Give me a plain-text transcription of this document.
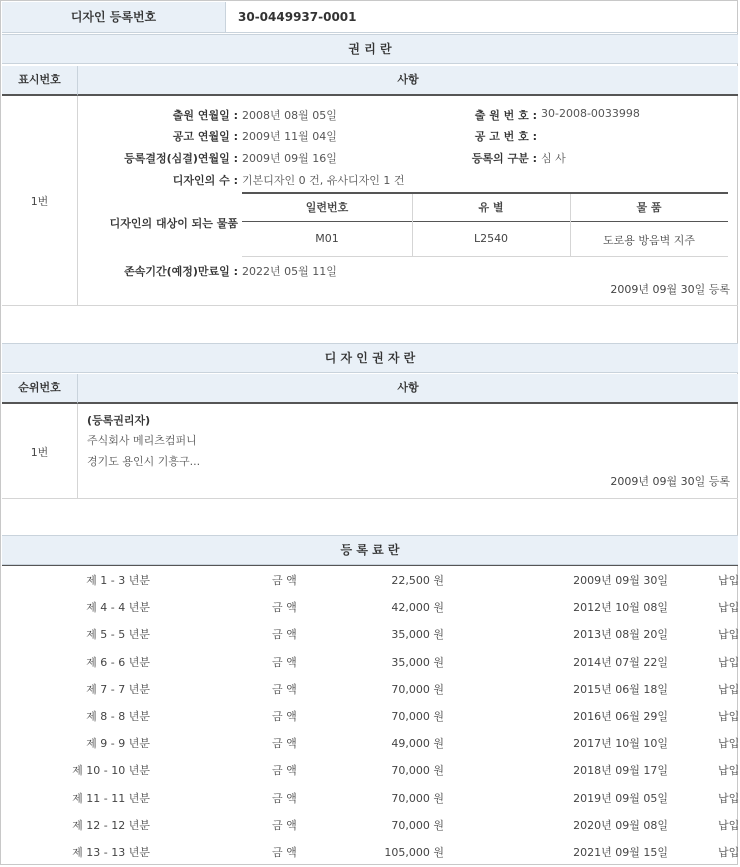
디자인 등록번호	30-0449937-0001
권 리 란
표시번호	사항
1번
출원 연월일 : 2008년 08월 05일	출 원 번 호 : 30-2008-0033998
공고 연월일 : 2009년 11월 04일	공 고 번 호 :
등록결정(심결)연월일 : 2009년 09월 16일	등록의 구분 : 심 사
디자인의 수 : 기본디자인 0 건, 유사디자인 1 건
디자인의 대상이 되는 물품
일련번호	유 별	물 품
M01	L2540	도로용 방음벽 지주
존속기간(예정)만료일 : 2022년 05월 11일
2009년 09월 30일 등록
디 자 인 권 자 란
순위번호	사항
1번
(등록권리자)
주식회사 메리츠컴퍼니
경기도 용인시 기흥구...
2009년 09월 30일 등록
등 록 료 란
제 1 - 3 년분	금 액	22,500 원	2009년 09월 30일	납입
제 4 - 4 년분	금 액	42,000 원	2012년 10월 08일	납입
제 5 - 5 년분	금 액	35,000 원	2013년 08월 20일	납입
제 6 - 6 년분	금 액	35,000 원	2014년 07월 22일	납입
제 7 - 7 년분	금 액	70,000 원	2015년 06월 18일	납입
제 8 - 8 년분	금 액	70,000 원	2016년 06월 29일	납입
제 9 - 9 년분	금 액	49,000 원	2017년 10월 10일	납입
제 10 - 10 년분	금 액	70,000 원	2018년 09월 17일	납입
제 11 - 11 년분	금 액	70,000 원	2019년 09월 05일	납입
제 12 - 12 년분	금 액	70,000 원	2020년 09월 08일	납입
제 13 - 13 년분	금 액	105,000 원	2021년 09월 15일	납입
